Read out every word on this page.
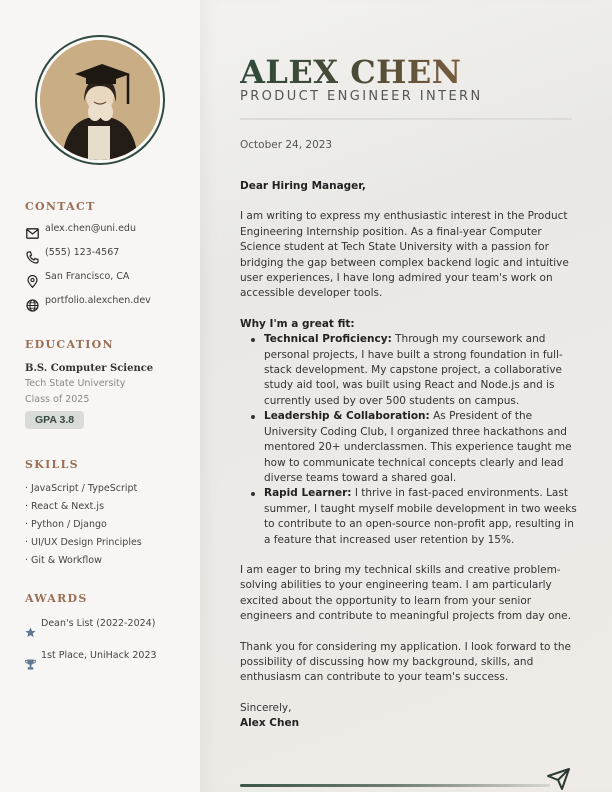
CONTACT
alex.chen@uni.edu
(555) 123-4567
San Francisco, CA
portfolio.alexchen.dev
EDUCATION
B.S. Computer Science
Tech State University
Class of 2025
GPA 3.8
SKILLS
· JavaScript / TypeScript
· React & Next.js
· Python / Django
· UI/UX Design Principles
· Git & Workflow
AWARDS
Dean's List (2022-2024)
1st Place, UniHack 2023
ALEX CHEN
PRODUCT ENGINEER INTERN
October 24, 2023

Dear Hiring Manager,

I am writing to express my enthusiastic interest in the Product Engineering Internship position. As a final-year Computer Science student at Tech State University with a passion for bridging the gap between complex backend logic and intuitive user experiences, I have long admired your team's work on accessible developer tools.

Why I'm a great fit:

Technical Proficiency: Through my coursework and personal projects, I have built a strong foundation in full-stack development. My capstone project, a collaborative study aid tool, was built using React and Node.js and is currently used by over 500 students on campus.
Leadership & Collaboration: As President of the University Coding Club, I organized three hackathons and mentored 20+ underclassmen. This experience taught me how to communicate technical concepts clearly and lead diverse teams toward a shared goal.
Rapid Learner: I thrive in fast-paced environments. Last summer, I taught myself mobile development in two weeks to contribute to an open-source non-profit app, resulting in a feature that increased user retention by 15%.

I am eager to bring my technical skills and creative problem-solving abilities to your engineering team. I am particularly excited about the opportunity to learn from your senior engineers and contribute to meaningful projects from day one.

Thank you for considering my application. I look forward to the possibility of discussing how my background, skills, and enthusiasm can contribute to your team's success.

Sincerely,

Alex Chen
